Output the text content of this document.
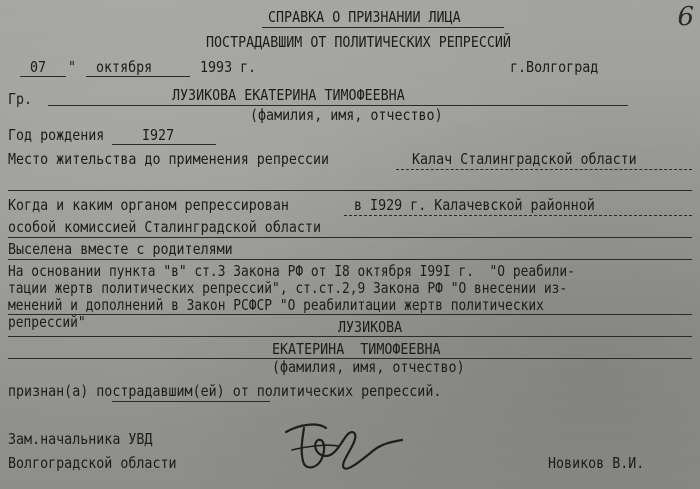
6
СПРАВКА О ПРИЗНАНИИ ЛИЦА
ПОСТРАДАВШИМ ОТ ПОЛИТИЧЕСКИХ РЕПРЕССИЙ
07 " октября	1993 г.	г.Волгоград
Гр.	ЛУЗИКОВА ЕКАТЕРИНА ТИМОФЕЕВНА
(фамилия, имя, отчество)
Год рождения I927
Место жительства до применения репрессии	Калач Сталинградской области
Когда и каким органом репрессирован	в I929 г. Калачевской районной
особой комиссией Сталинградской области
Выселена вместе с родителями
На основании пункта "в" ст.3 Закона РФ от I8 октября I99I г.  "О реабили-
тации жертв политических репрессий", ст.ст.2,9 Закона РФ "О внесении из-
менений и дополнений в Закон РСФСР "О реабилитации жертв политических
репрессий"	ЛУЗИКОВА
ЕКАТЕРИНА  ТИМОФЕЕВНА
(фамилия, имя, отчество)
признан(а) пострадавшим(ей) от политических репрессий.
Зам.начальника УВД
Волгоградской области	Новиков В.И.
